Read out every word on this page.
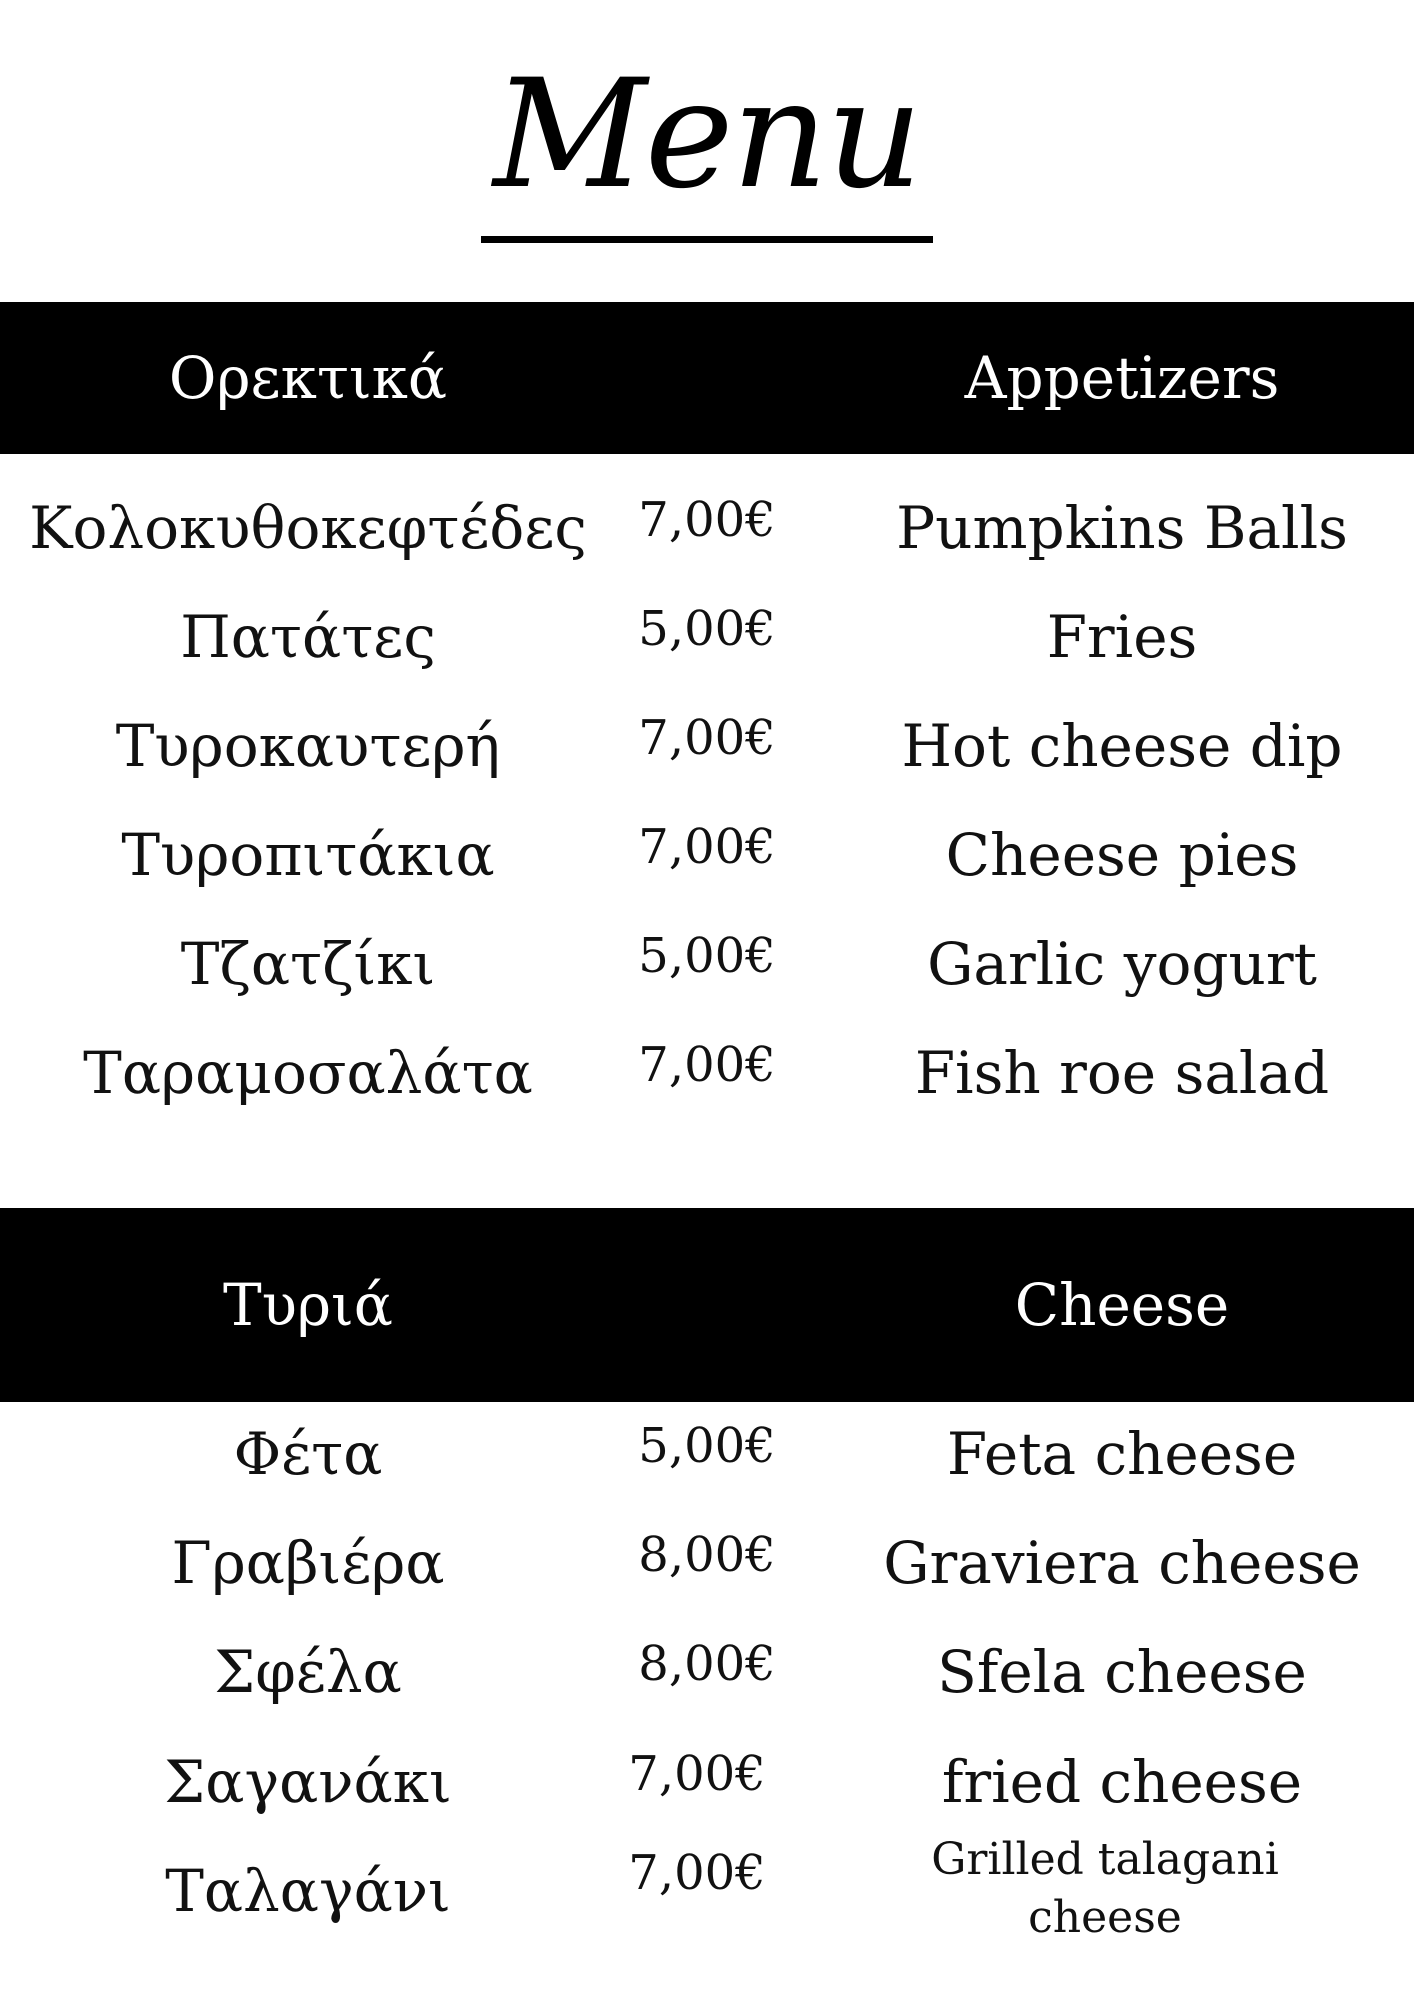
Menu
Ορεκτικά	Appetizers
Κολοκυθοκεφτέδες	7,00€	Pumpkins Balls
Πατάτες	5,00€	Fries
Τυροκαυτερή	7,00€	Hot cheese dip
Τυροπιτάκια	7,00€	Cheese pies
Τζατζίκι	5,00€	Garlic yogurt
Ταραμοσαλάτα	7,00€	Fish roe salad
Τυριά	Cheese
Φέτα	5,00€	Feta cheese
Γραβιέρα	8,00€	Graviera cheese
Σφέλα	8,00€	Sfela cheese
Σαγανάκι	7,00€	fried cheese
Ταλαγάνι	7,00€	Grilled talagani cheese
